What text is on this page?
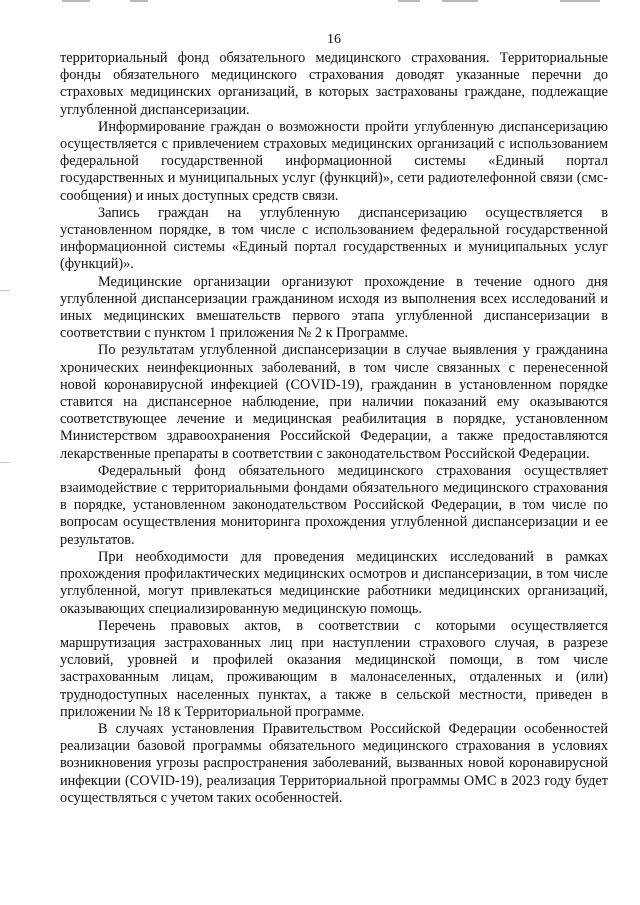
16

территориальный фонд обязательного медицинского страхования. Территориальные фонды обязательного медицинского страхования доводят указанные перечни до страховых медицинских организаций, в которых застрахованы граждане, подлежащие углубленной диспансеризации.

Информирование граждан о возможности пройти углубленную диспансеризацию осуществляется с привлечением страховых медицинских организаций с использованием федеральной государственной информационной системы «Единый портал государственных и муниципальных услуг (функций)», сети радиотелефонной связи (смс-сообщения) и иных доступных средств связи.

Запись граждан на углубленную диспансеризацию осуществляется в установленном порядке, в том числе с использованием федеральной государственной информационной системы «Единый портал государственных и муниципальных услуг (функций)».

Медицинские организации организуют прохождение в течение одного дня углубленной диспансеризации гражданином исходя из выполнения всех исследований и иных медицинских вмешательств первого этапа углубленной диспансеризации в соответствии с пунктом 1 приложения № 2 к Программе.

По результатам углубленной диспансеризации в случае выявления у гражданина хронических неинфекционных заболеваний, в том числе связанных с перенесенной новой коронавирусной инфекцией (COVID-19), гражданин в установленном порядке ставится на диспансерное наблюдение, при наличии показаний ему оказываются соответствующее лечение и медицинская реабилитация в порядке, установленном Министерством здравоохранения Российской Федерации, а также предоставляются лекарственные препараты в соответствии с законодательством Российской Федерации.

Федеральный фонд обязательного медицинского страхования осуществляет взаимодействие с территориальными фондами обязательного медицинского страхования в порядке, установленном законодательством Российской Федерации, в том числе по вопросам осуществления мониторинга прохождения углубленной диспансеризации и ее результатов.

При необходимости для проведения медицинских исследований в рамках прохождения профилактических медицинских осмотров и диспансеризации, в том числе углубленной, могут привлекаться медицинские работники медицинских организаций, оказывающих специализированную медицинскую помощь.

Перечень правовых актов, в соответствии с которыми осуществляется маршрутизация застрахованных лиц при наступлении страхового случая, в разрезе условий, уровней и профилей оказания медицинской помощи, в том числе застрахованным лицам, проживающим в малонаселенных, отдаленных и (или) труднодоступных населенных пунктах, а также в сельской местности, приведен в приложении № 18 к Территориальной программе.

В случаях установления Правительством Российской Федерации особенностей реализации базовой программы обязательного медицинского страхования в условиях возникновения угрозы распространения заболеваний, вызванных новой коронавирусной инфекции (COVID-19), реализация Территориальной программы ОМС в 2023 году будет осуществляться с учетом таких особенностей.
